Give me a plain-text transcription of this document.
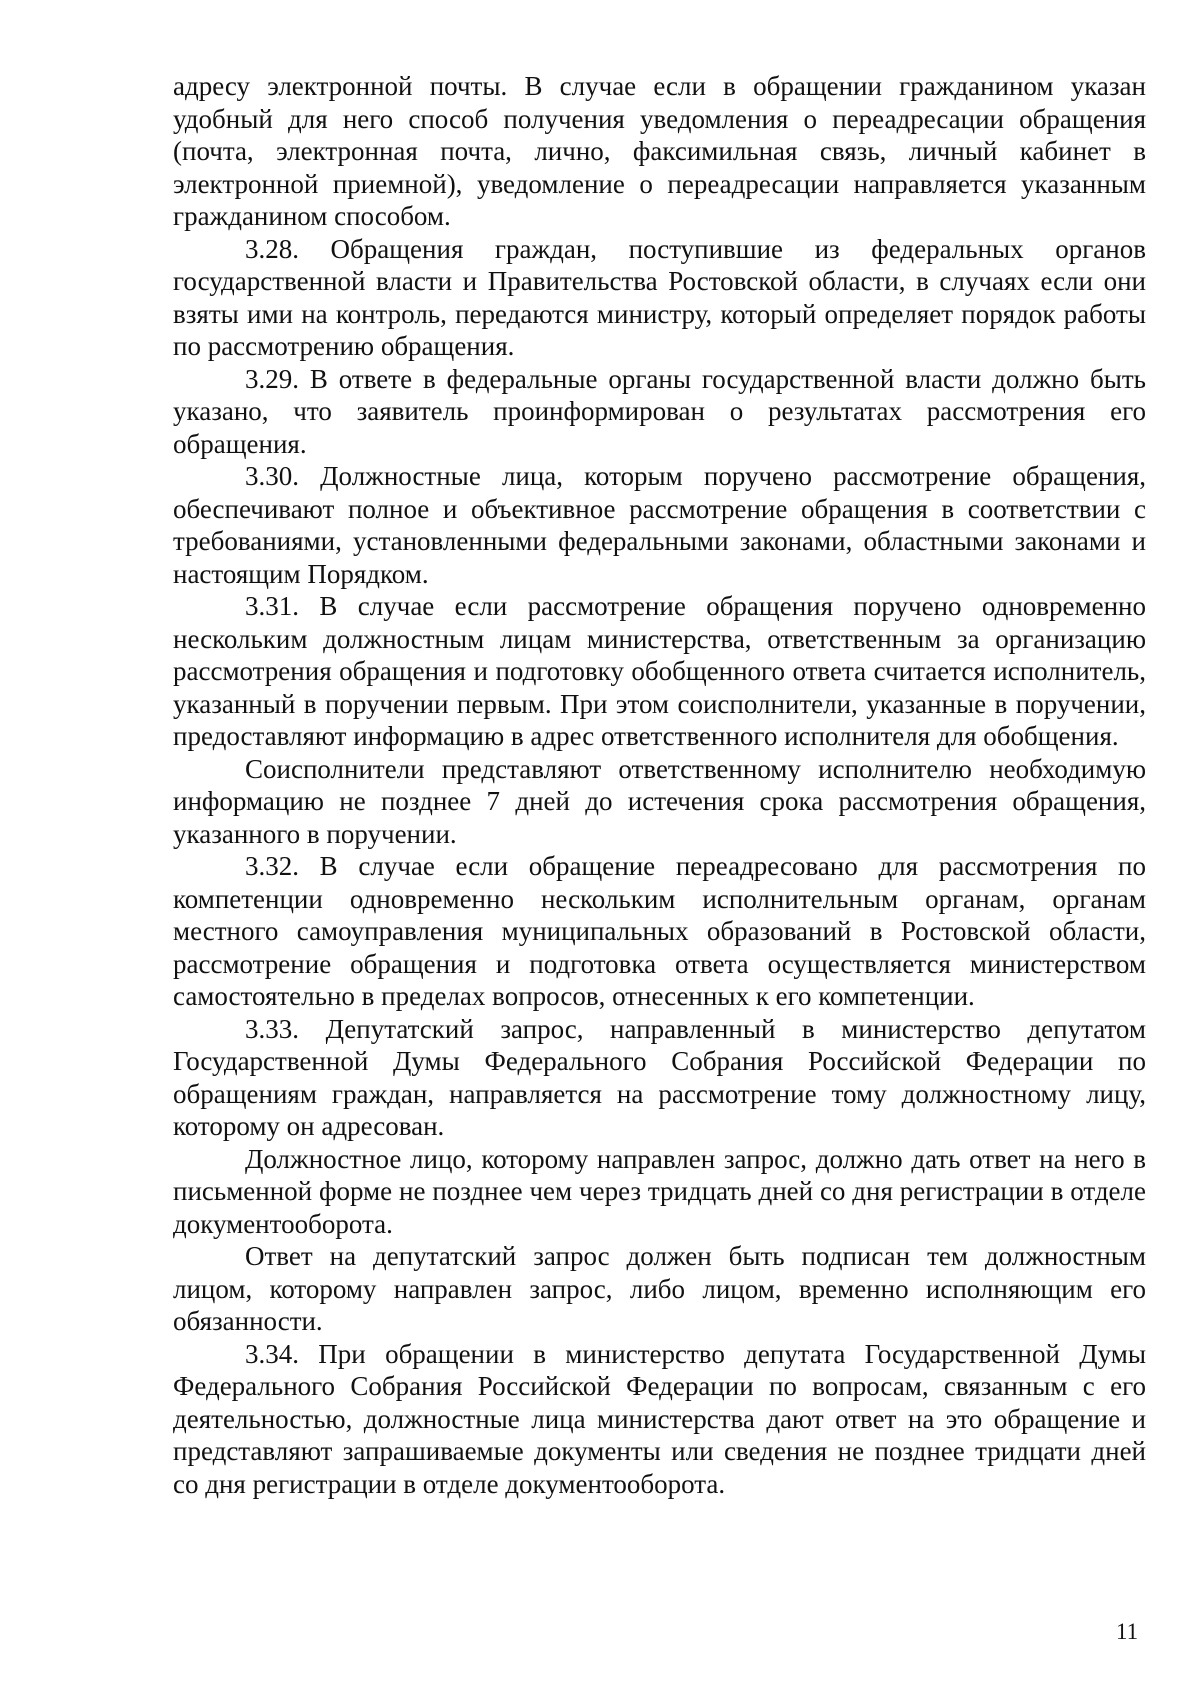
адресу электронной почты. В случае если в обращении гражданином указан удобный для него способ получения уведомления о переадресации обращения (почта, электронная почта, лично, факсимильная связь, личный кабинет в электронной приемной), уведомление о переадресации направляется указанным гражданином способом.

3.28. Обращения граждан, поступившие из федеральных органов государственной власти и Правительства Ростовской области, в случаях если они взяты ими на контроль, передаются министру, который определяет порядок работы по рассмотрению обращения.

3.29. В ответе в федеральные органы государственной власти должно быть указано, что заявитель проинформирован о результатах рассмотрения его обращения.

3.30. Должностные лица, которым поручено рассмотрение обращения, обеспечивают полное и объективное рассмотрение обращения в соответствии с требованиями, установленными федеральными законами, областными законами и настоящим Порядком.

3.31. В случае если рассмотрение обращения поручено одновременно нескольким должностным лицам министерства, ответственным за организацию рассмотрения обращения и подготовку обобщенного ответа считается исполнитель, указанный в поручении первым. При этом соисполнители, указанные в поручении, предоставляют информацию в адрес ответственного исполнителя для обобщения.

Соисполнители представляют ответственному исполнителю необходимую информацию не позднее 7 дней до истечения срока рассмотрения обращения, указанного в поручении.

3.32. В случае если обращение переадресовано для рассмотрения по компетенции одновременно нескольким исполнительным органам, органам местного самоуправления муниципальных образований в Ростовской области, рассмотрение обращения и подготовка ответа осуществляется министерством самостоятельно в пределах вопросов, отнесенных к его компетенции.

3.33. Депутатский запрос, направленный в министерство депутатом Государственной Думы Федерального Собрания Российской Федерации по обращениям граждан, направляется на рассмотрение тому должностному лицу, которому он адресован.

Должностное лицо, которому направлен запрос, должно дать ответ на него в письменной форме не позднее чем через тридцать дней со дня регистрации в отделе документооборота.

Ответ на депутатский запрос должен быть подписан тем должностным лицом, которому направлен запрос, либо лицом, временно исполняющим его обязанности.

3.34. При обращении в министерство депутата Государственной Думы Федерального Собрания Российской Федерации по вопросам, связанным с его деятельностью, должностные лица министерства дают ответ на это обращение и представляют запрашиваемые документы или сведения не позднее тридцати дней со дня регистрации в отделе документооборота.

11
